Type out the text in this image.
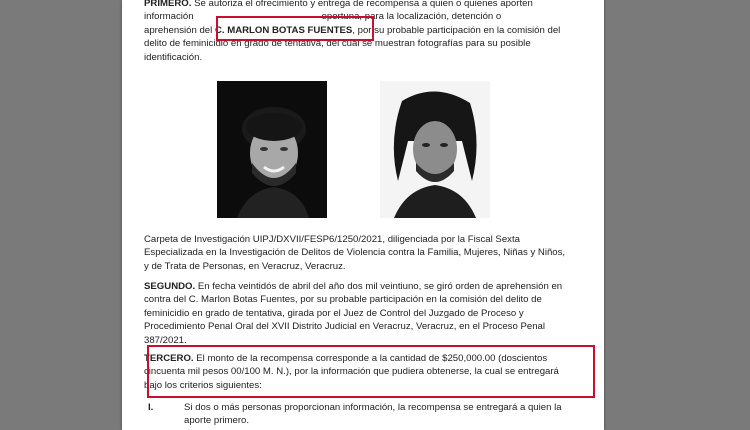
PRIMERO. Se autoriza el ofrecimiento y entrega de recompensa a quien o quienes aporten
información                                                oportuna, para la localización, detención o
aprehensión del C. MARLON BOTAS FUENTES, por su probable participación en la comisión del
delito de feminicidio en grado de tentativa, del cual se muestran fotografías para su posible
identificación.

Carpeta de Investigación UIPJ/DXVII/FESP6/1250/2021, diligenciada por la Fiscal Sexta
Especializada en la Investigación de Delitos de Violencia contra la Familia, Mujeres, Niñas y Niños,
y de Trata de Personas, en Veracruz, Veracruz.

SEGUNDO. En fecha veintidós de abril del año dos mil veintiuno, se giró orden de aprehensión en
contra del C. Marlon Botas Fuentes, por su probable participación en la comisión del delito de
feminicidio en grado de tentativa, girada por el Juez de Control del Juzgado de Proceso y
Procedimiento Penal Oral del XVII Distrito Judicial en Veracruz, Veracruz, en el Proceso Penal
387/2021.

TERCERO. El monto de la recompensa corresponde a la cantidad de $250,000.00 (doscientos
cincuenta mil pesos 00/100 M. N.), por la información que pudiera obtenerse, la cual se entregará
bajo los criterios siguientes:

I.	Si dos o más personas proporcionan información, la recompensa se entregará a quien la
aporte primero.
